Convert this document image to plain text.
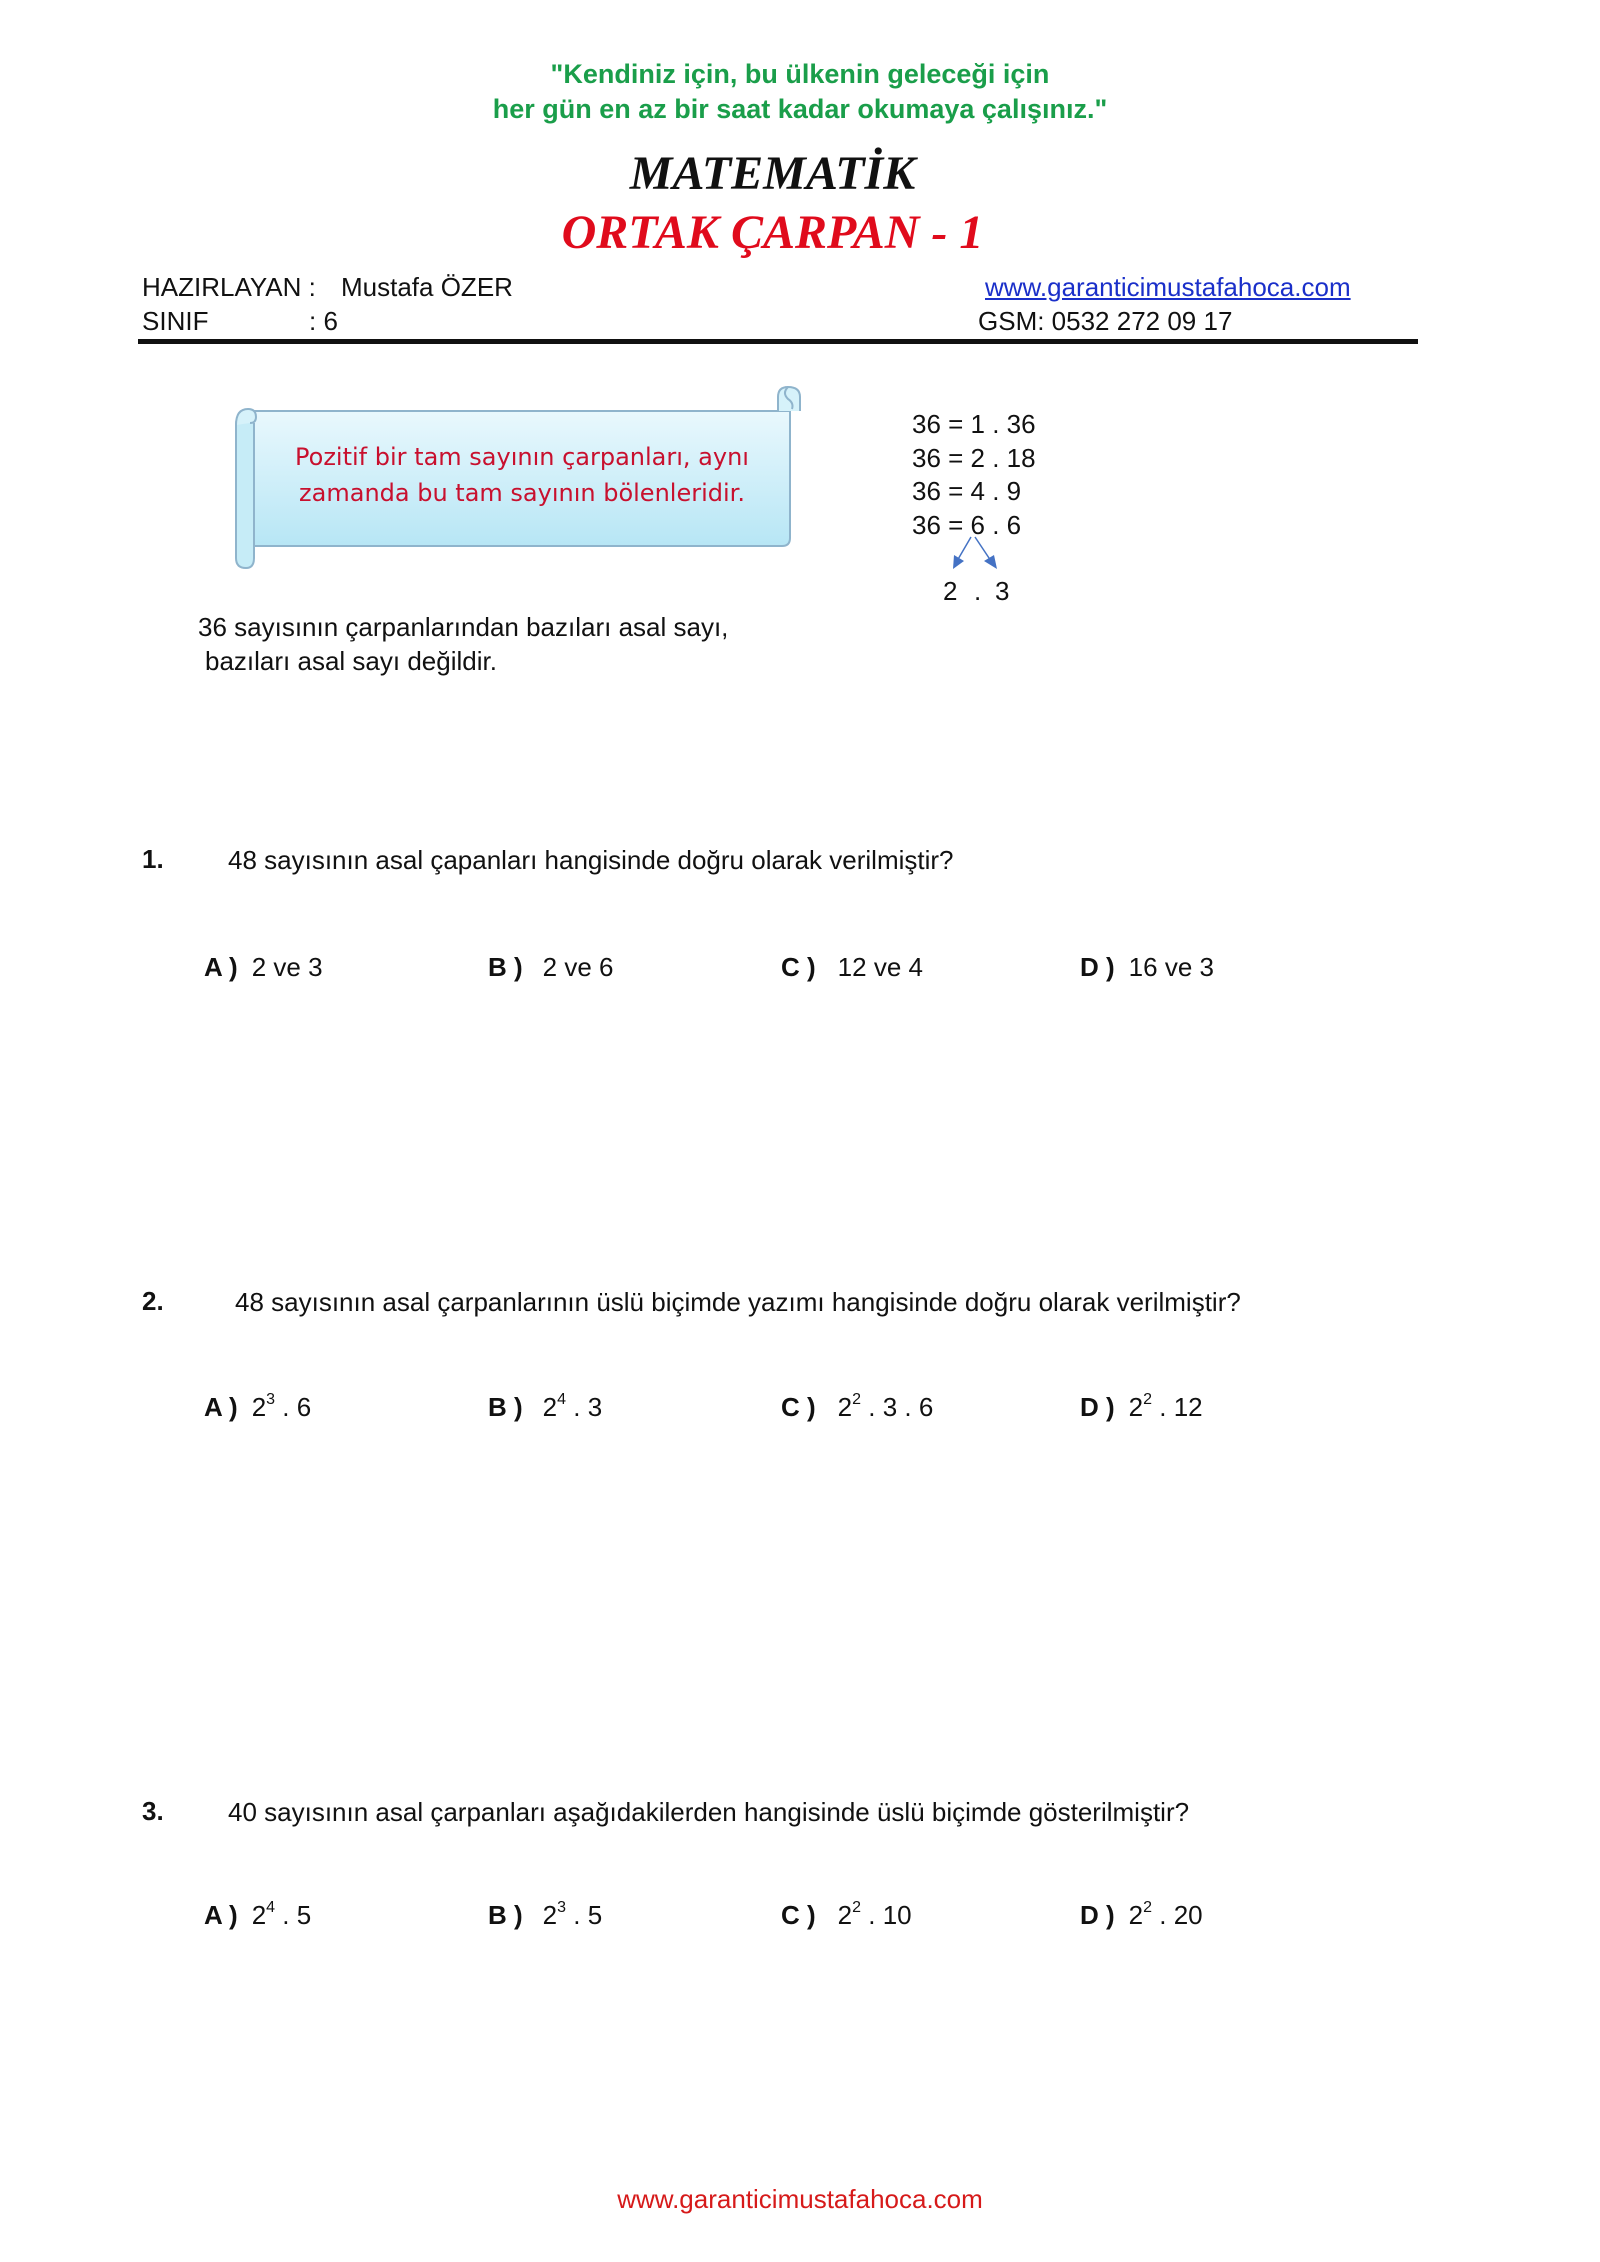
"Kendiniz için, bu ülkenin geleceği için
her gün en az bir saat kadar okumaya çalışınız."
MATEMATİK
ORTAK ÇARPAN - 1
HAZIRLAYAN : Mustafa ÖZER
SINIF	: 6
www.garanticimustafahoca.com
GSM: 0532 272 09 17
Pozitif bir tam sayının çarpanları, aynı
zamanda bu tam sayının bölenleridir.
36 = 1 . 36
36 = 2 . 18
36 = 4 . 9
36 = 6 . 6
2 . 3
36 sayısının çarpanlarından bazıları asal sayı,
bazıları asal sayı değildir.
1. 48 sayısının asal çapanları hangisinde doğru olarak verilmiştir?
A ) 2 ve 3	B ) 2 ve 6	C ) 12 ve 4	D ) 16 ve 3
2.	48 sayısının asal çarpanlarının üslü biçimde yazımı hangisinde doğru olarak verilmiştir?
A ) $2^3$ . 6	B ) $2^4$ . 3	C ) $2^2$ . 3 . 6	D ) $2^2$ . 12
3. 40 sayısının asal çarpanları aşağıdakilerden hangisinde üslü biçimde gösterilmiştir?
A ) $2^4$ . 5	B ) $2^3$ . 5	C ) $2^2$ . 10	D ) $2^2$ . 20
www.garanticimustafahoca.com
